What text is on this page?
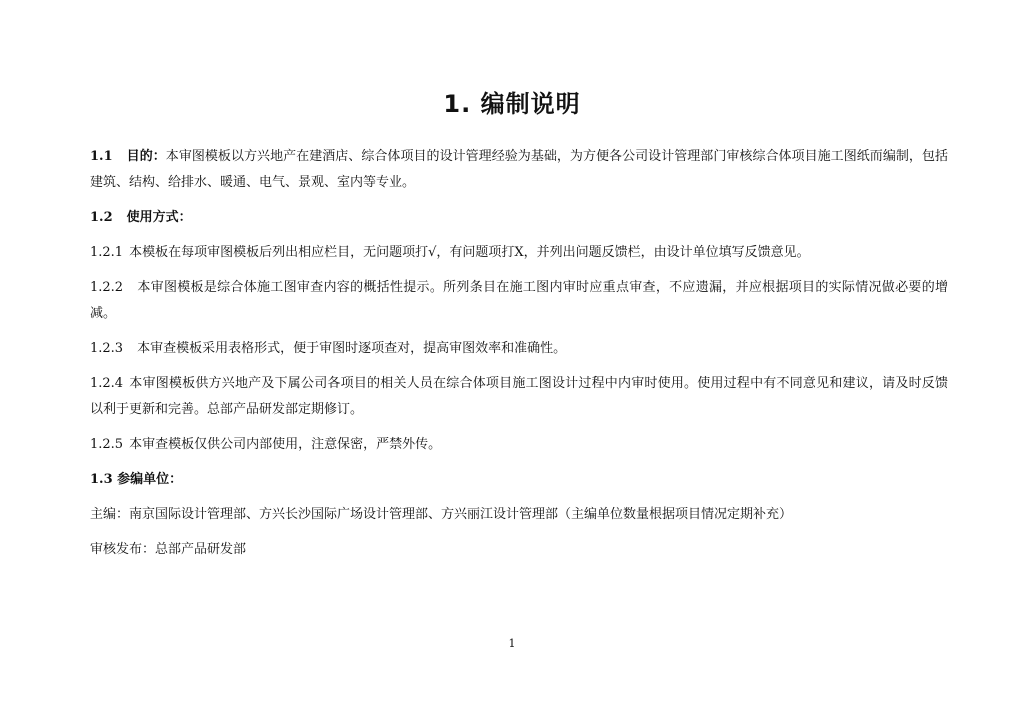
1. 编制说明

1.1 目的：本审图模板以方兴地产在建酒店、综合体项目的设计管理经验为基础，为方便各公司设计管理部门审核综合体项目施工图纸而编制，包括建筑、结构、给排水、暖通、电气、景观、室内等专业。

1.2 使用方式：

1.2.1 本模板在每项审图模板后列出相应栏目，无问题项打√，有问题项打X，并列出问题反馈栏，由设计单位填写反馈意见。

1.2.2 本审图模板是综合体施工图审查内容的概括性提示。所列条目在施工图内审时应重点审查，不应遗漏，并应根据项目的实际情况做必要的增减。

1.2.3 本审查模板采用表格形式，便于审图时逐项查对，提高审图效率和准确性。

1.2.4 本审图模板供方兴地产及下属公司各项目的相关人员在综合体项目施工图设计过程中内审时使用。使用过程中有不同意见和建议，请及时反馈以利于更新和完善。总部产品研发部定期修订。

1.2.5 本审查模板仅供公司内部使用，注意保密，严禁外传。

1.3 参编单位：

主编：南京国际设计管理部、方兴长沙国际广场设计管理部、方兴丽江设计管理部（主编单位数量根据项目情况定期补充）

审核发布：总部产品研发部

1
